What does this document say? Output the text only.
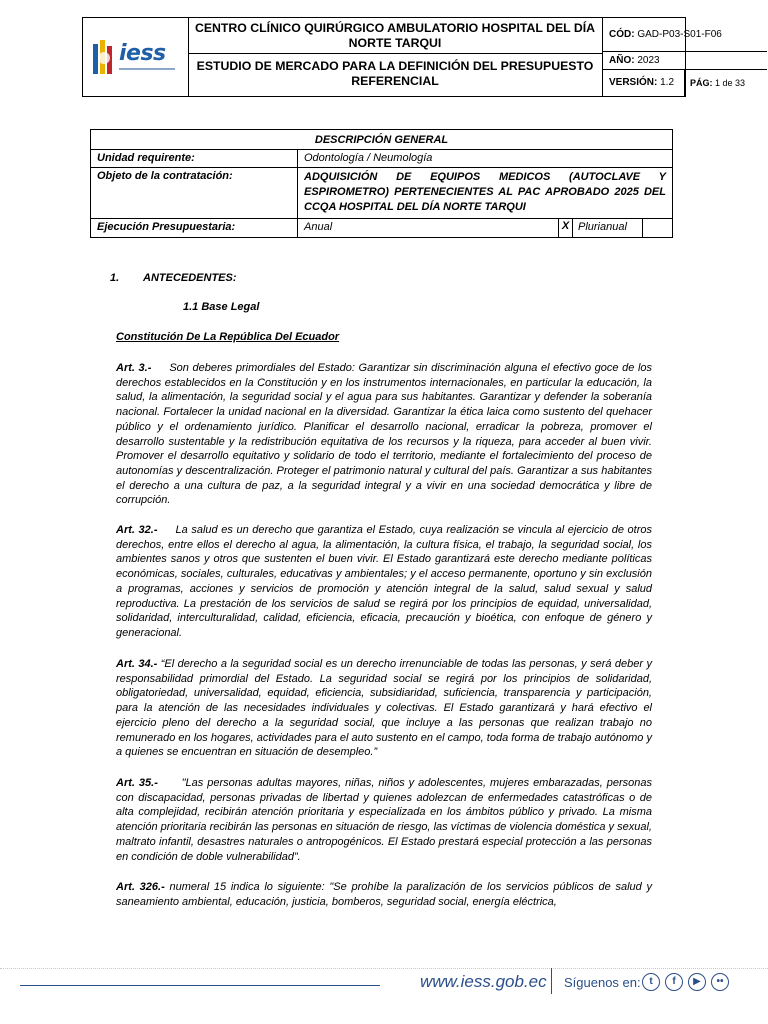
iess
CENTRO CLÍNICO QUIRÚRGICO AMBULATORIO HOSPITAL DEL DÍA NORTE TARQUI
ESTUDIO DE MERCADO PARA LA DEFINICIÓN DEL PRESUPUESTO REFERENCIAL
CÓD: GAD-P03-S01-F06
AÑO: 2023
VERSIÓN: 1.2	PÁG: 1 de 33
DESCRIPCIÓN GENERAL
Unidad requirente:	Odontología / Neumología
Objeto de la contratación:	ADQUISICIÓN DE EQUIPOS MEDICOS (AUTOCLAVE Y ESPIROMETRO) PERTENECIENTES AL PAC APROBADO 2025 DEL CCQA HOSPITAL DEL DÍA NORTE TARQUI
Ejecución Presupuestaria:	Anual	X Plurianual
1. ANTECEDENTES:
1.1 Base Legal
Constitución De La República Del Ecuador
Art. 3.- Son deberes primordiales del Estado: Garantizar sin discriminación alguna el efectivo goce de los derechos establecidos en la Constitución y en los instrumentos internacionales, en particular la educación, la salud, la alimentación, la seguridad social y el agua para sus habitantes. Garantizar y defender la soberanía nacional. Fortalecer la unidad nacional en la diversidad. Garantizar la ética laica como sustento del quehacer público y el ordenamiento jurídico. Planificar el desarrollo nacional, erradicar la pobreza, promover el desarrollo sustentable y la redistribución equitativa de los recursos y la riqueza, para acceder al buen vivir. Promover el desarrollo equitativo y solidario de todo el territorio, mediante el fortalecimiento del proceso de autonomías y descentralización. Proteger el patrimonio natural y cultural del país. Garantizar a sus habitantes el derecho a una cultura de paz, a la seguridad integral y a vivir en una sociedad democrática y libre de corrupción.
Art. 32.- La salud es un derecho que garantiza el Estado, cuya realización se vincula al ejercicio de otros derechos, entre ellos el derecho al agua, la alimentación, la cultura física, el trabajo, la seguridad social, los ambientes sanos y otros que sustenten el buen vivir. El Estado garantizará este derecho mediante políticas económicas, sociales, culturales, educativas y ambientales; y el acceso permanente, oportuno y sin exclusión a programas, acciones y servicios de promoción y atención integral de la salud, salud sexual y salud reproductiva. La prestación de los servicios de salud se regirá por los principios de equidad, universalidad, solidaridad, interculturalidad, calidad, eficiencia, eficacia, precaución y bioética, con enfoque de género y generacional.
Art. 34.- “El derecho a la seguridad social es un derecho irrenunciable de todas las personas, y será deber y responsabilidad primordial del Estado. La seguridad social se regirá por los principios de solidaridad, obligatoriedad, universalidad, equidad, eficiencia, subsidiaridad, suficiencia, transparencia y participación, para la atención de las necesidades individuales y colectivas. El Estado garantizará y hará efectivo el ejercicio pleno del derecho a la seguridad social, que incluye a las personas que realizan trabajo no remunerado en los hogares, actividades para el auto sustento en el campo, toda forma de trabajo autónomo y a quienes se encuentran en situación de desempleo.”
Art. 35.- "Las personas adultas mayores, niñas, niños y adolescentes, mujeres embarazadas, personas con discapacidad, personas privadas de libertad y quienes adolezcan de enfermedades catastróficas o de alta complejidad, recibirán atención prioritaria y especializada en los ámbitos público y privado. La misma atención prioritaria recibirán las personas en situación de riesgo, las víctimas de violencia doméstica y sexual, maltrato infantil, desastres naturales o antropogénicos. El Estado prestará especial protección a las personas en condición de doble vulnerabilidad”.
Art. 326.- numeral 15 indica lo siguiente: "Se prohíbe la paralización de los servicios públicos de salud y saneamiento ambiental, educación, justicia, bomberos, seguridad social, energía eléctrica,
www.iess.gob.ec Síguenos en: t	f	▶	••
